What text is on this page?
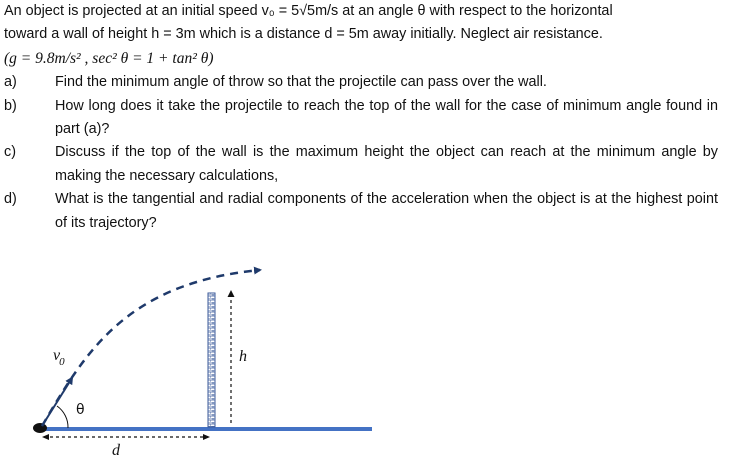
An object is projected at an initial speed v₀ = 5√5m/s at an angle θ with respect to the horizontal
toward a wall of height h = 3m which is a distance d = 5m away initially. Neglect air resistance.
(g = 9.8m/s² , sec² θ = 1 + tan² θ)

a)	Find the minimum angle of throw so that the projectile can pass over the wall.
b)	How long does it take the projectile to reach the top of the wall for the case of minimum angle found in part (a)?
c)	Discuss if the top of the wall is the maximum height the object can reach at the minimum angle by making the necessary calculations,
d)	What is the tangential and radial components of the acceleration when the object is at the highest point of its trajectory?
v0
θ
h
d
